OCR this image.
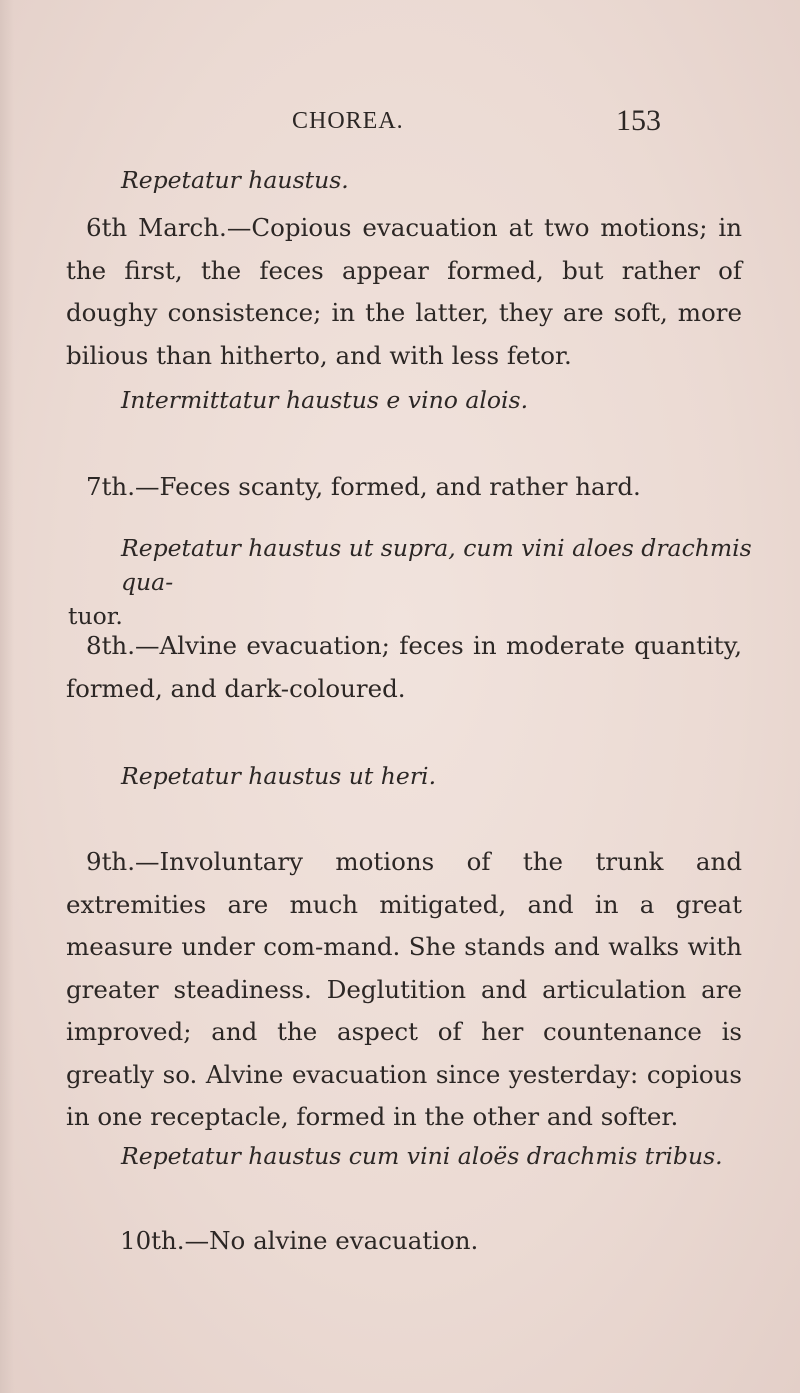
CHOREA.	153

Repetatur haustus.

6th March.—Copious evacuation at two motions; in the first, the feces appear formed, but rather of doughy consistence; in the latter, they are soft, more bilious than hitherto, and with less fetor.

Intermittatur haustus e vino alois.

7th.—Feces scanty, formed, and rather hard.

Repetatur haustus ut supra, cum vini aloes drachmis qua-
tuor.

8th.—Alvine evacuation; feces in moderate quantity, formed, and dark-coloured.

Repetatur haustus ut heri.

9th.—Involuntary motions of the trunk and extremities are much mitigated, and in a great measure under com-mand. She stands and walks with greater steadiness. Deglutition and articulation are improved; and the aspect of her countenance is greatly so. Alvine evacuation since yesterday: copious in one receptacle, formed in the other and softer.

Repetatur haustus cum vini aloës drachmis tribus.

10th.—No alvine evacuation.
